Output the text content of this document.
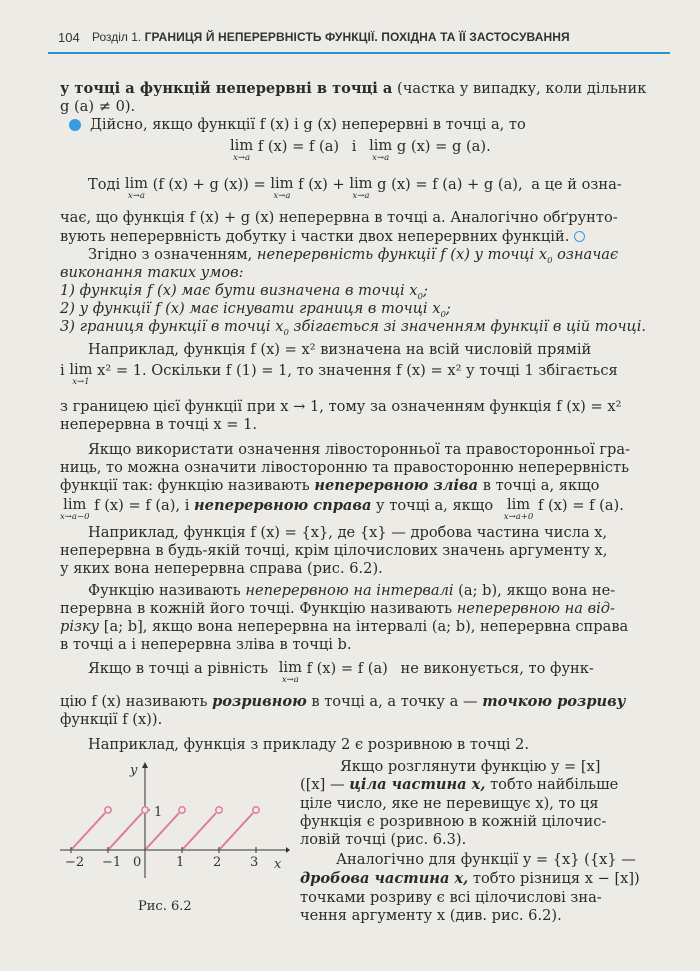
104 Розділ 1. ГРАНИЦЯ Й НЕПЕРЕРВНІСТЬ ФУНКЦІЇ. ПОХІДНА ТА ЇЇ ЗАСТОСУВАННЯ
у точці a функцій неперервні в точці a (частка у випадку, коли дільник
g (a) ≠ 0).
Дійсно, якщо функції f (x) і g (x) неперервні в точці a, то
lim
x→a
f (x) = f (a) і lim
x→a
g (x) = g (a).
Тоді lim
x→a
(f (x) + g (x)) = lim
x→a
f (x) + lim
x→a
g (x) = f (a) + g (a), а це й озна-
чає, що функція f (x) + g (x) неперервна в точці a. Аналогічно обґрунто-
вують неперервність добутку і частки двох неперервних функцій.
Згідно з означенням, неперервність функції f (x) у точці $x_0$ означає
виконання таких умов:
1) функція f (x) має бути визначена в точці $x_0$;
2) у функції f (x) має існувати границя в точці $x_0$;
3) границя функції в точці $x_0$ збігається зі значенням функції в цій точці.
Наприклад, функція f (x) = x² визначена на всій числовій прямій
і lim
x→1
x² = 1. Оскільки f (1) = 1, то значення f (x) = x² у точці 1 збігається
з границею цієї функції при x → 1, тому за означенням функція f (x) = x²
неперервна в точці x = 1.
Якщо використати означення лівосторонньої та правосторонньої гра-
ниць, то можна означити лівосторонню та правосторонню неперервність
функції так: функцію називають неперервною зліва в точці a, якщо
lim
x→a−0
f (x) = f (a), і неперервною справа у точці a, якщо lim
x→a+0
f (x) = f (a).
Наприклад, функція f (x) = {x}, де {x} — дробова частина числа x,
неперервна в будь-якій точці, крім цілочислових значень аргументу x,
у яких вона неперервна справа (рис. 6.2).
Функцію називають неперервною на інтервалі (a; b), якщо вона не-
перервна в кожній його точці. Функцію називають неперервною на від-
різку [a; b], якщо вона неперервна на інтервалі (a; b), неперервна справа
в точці a і неперервна зліва в точці b.
Якщо в точці a рівність lim
x→a
f (x) = f (a) не виконується, то функ-
цію f (x) називають розривною в точці a, а точку a — точкою розриву
функції f (x)).
Наприклад, функція з прикладу 2 є розривною в точці 2.
Якщо розглянути функцію y = [x]
([x] — ціла частина x, тобто найбільше
ціле число, яке не перевищує x), то ця
функція є розривною в кожній цілочис-
ловій точці (рис. 6.3).
Аналогічно для функції y = {x} ({x} —
дробова частина x, тобто різниця x − [x])
точками розриву є всі цілочислові зна-
чення аргументу x (див. рис. 6.2).
y
1
x
−2 −1 0	1 2 3
Рис. 6.2
